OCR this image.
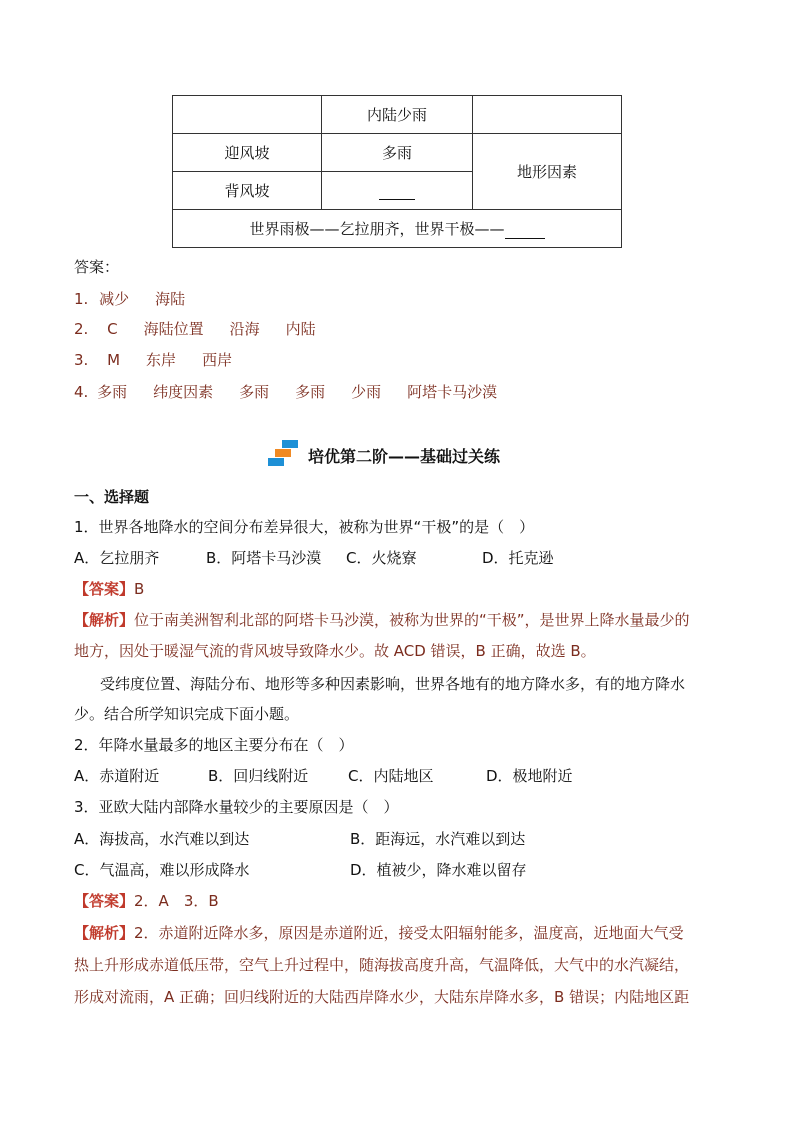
	内陆少雨	
迎风坡	多雨	地形因素
背风坡		
世界雨极——乞拉朋齐，世界干极——		
答案：
1. 减少 海陆
2. C 海陆位置 沿海 内陆
3. M 东岸 西岸
4. 多雨 纬度因素 多雨 多雨 少雨 阿塔卡马沙漠
培优第二阶——基础过关练
一、选择题
1．世界各地降水的空间分布差异很大，被称为世界“干极”的是（　）
A．乞拉朋齐	B．阿塔卡马沙漠 C．火烧寮	D．托克逊
【答案】B
【解析】位于南美洲智利北部的阿塔卡马沙漠，被称为世界的“干极”，是世界上降水量最少的
地方，因处于暖湿气流的背风坡导致降水少。故 ACD 错误，B 正确，故选 B。
受纬度位置、海陆分布、地形等多种因素影响，世界各地有的地方降水多，有的地方降水
少。结合所学知识完成下面小题。
2．年降水量最多的地区主要分布在（　）
A．赤道附近	B．回归线附近	C．内陆地区	D．极地附近
3．亚欧大陆内部降水量较少的主要原因是（　）
A．海拔高，水汽难以到达	B．距海远，水汽难以到达
C．气温高，难以形成降水	D．植被少，降水难以留存
【答案】2．A　3．B
【解析】2．赤道附近降水多，原因是赤道附近，接受太阳辐射能多，温度高，近地面大气受
热上升形成赤道低压带，空气上升过程中，随海拔高度升高，气温降低，大气中的水汽凝结，
形成对流雨，A 正确；回归线附近的大陆西岸降水少，大陆东岸降水多，B 错误；内陆地区距
